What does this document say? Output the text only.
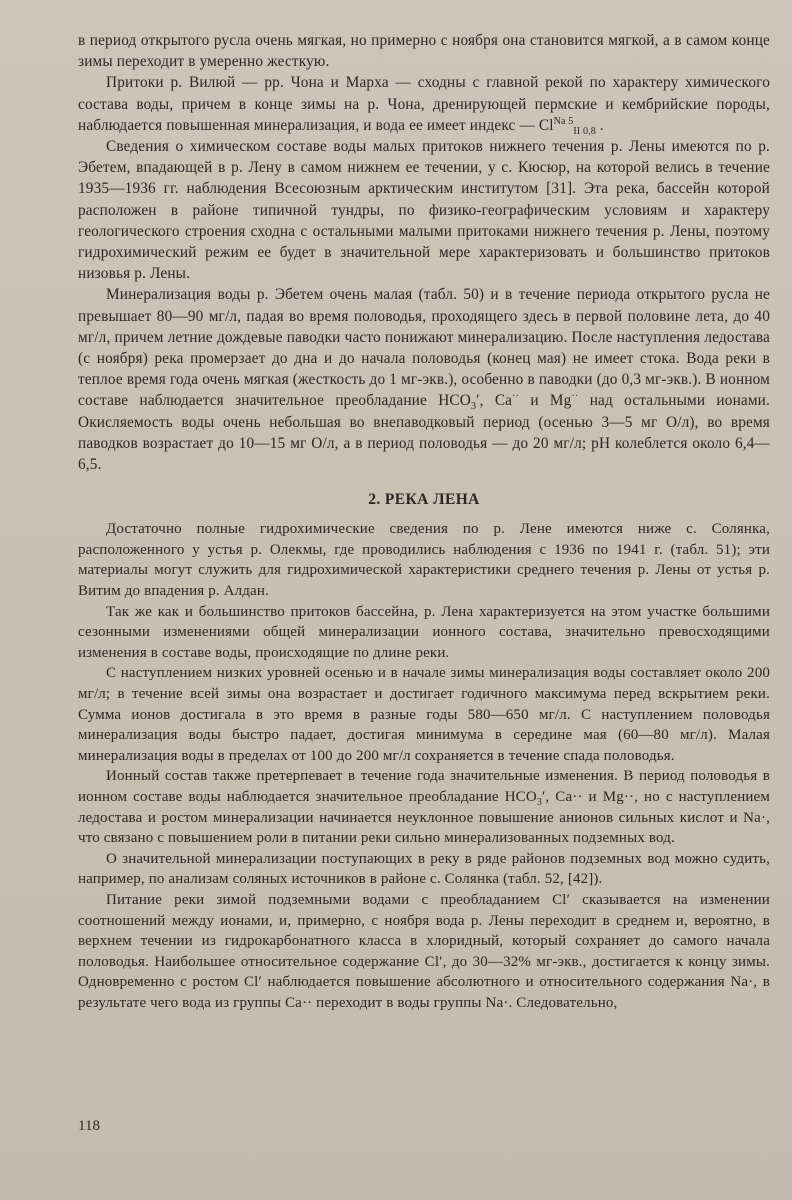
в период открытого русла очень мягкая, но примерно с ноября она становится мягкой, а в самом конце зимы переходит в умеренно жесткую.

Притоки р. Вилюй — рр. Чона и Марха — сходны с главной рекой по характеру химического состава воды, причем в конце зимы на р. Чона, дренирующей пермские и кембрийские породы, наблюдается повышенная минерализация, и вода ее имеет индекс — $Cl^{Na 5}_{II 0,8}$ .

Сведения о химическом составе воды малых притоков нижнего течения р. Лены имеются по р. Эбетем, впадающей в р. Лену в самом нижнем ее течении, у с. Кюсюр, на которой велись в течение 1935—1936 гг. наблюдения Всесоюзным арктическим институтом [31]. Эта река, бассейн которой расположен в районе типичной тундры, по физико-географическим условиям и характеру геологического строения сходна с остальными малыми притоками нижнего течения р. Лены, поэтому гидрохимический режим ее будет в значительной мере характеризовать и большинство притоков низовья р. Лены.

Минерализация воды р. Эбетем очень малая (табл. 50) и в течение периода открытого русла не превышает 80—90 мг/л, падая во время половодья, проходящего здесь в первой половине лета, до 40 мг/л, причем летние дождевые паводки часто понижают минерализацию. После наступления ледостава (с ноября) река промерзает до дна и до начала половодья (конец мая) не имеет стока. Вода реки в теплое время года очень мягкая (жесткость до 1 мг-экв.), особенно в паводки (до 0,3 мг-экв.). В ионном составе наблюдается значительное преобладание $HCO_3'$, Ca·· и Mg·· над остальными ионами. Окисляемость воды очень небольшая во внепаводковый период (осенью 3—5 мг O/л), во время паводков возрастает до 10—15 мг O/л, а в период половодья — до 20 мг/л; pH колеблется около 6,4—6,5.

2. РЕКА ЛЕНА

Достаточно полные гидрохимические сведения по р. Лене имеются ниже с. Солянка, расположенного у устья р. Олекмы, где проводились наблюдения с 1936 по 1941 г. (табл. 51); эти материалы могут служить для гидрохимической характеристики среднего течения р. Лены от устья р. Витим до впадения р. Алдан.

Так же как и большинство притоков бассейна, р. Лена характеризуется на этом участке большими сезонными изменениями общей минерализации ионного состава, значительно превосходящими изменения в составе воды, происходящие по длине реки.

С наступлением низких уровней осенью и в начале зимы минерализация воды составляет около 200 мг/л; в течение всей зимы она возрастает и достигает годичного максимума перед вскрытием реки. Сумма ионов достигала в это время в разные годы 580—650 мг/л. С наступлением половодья минерализация воды быстро падает, достигая минимума в середине мая (60—80 мг/л). Малая минерализация воды в пределах от 100 до 200 мг/л сохраняется в течение спада половодья.

Ионный состав также претерпевает в течение года значительные изменения. В период половодья в ионном составе воды наблюдается значительное преобладание $HCO_3'$, Ca·· и Mg··, но с наступлением ледостава и ростом минерализации начинается неуклонное повышение анионов сильных кислот и Na·, что связано с повышением роли в питании реки сильно минерализованных подземных вод.

О значительной минерализации поступающих в реку в ряде районов подземных вод можно судить, например, по анализам соляных источников в районе с. Солянка (табл. 52, [42]).

Питание реки зимой подземными водами с преобладанием Cl′ сказывается на изменении соотношений между ионами, и, примерно, с ноября вода р. Лены переходит в среднем и, вероятно, в верхнем течении из гидрокарбонатного класса в хлоридный, который сохраняет до самого начала половодья. Наибольшее относительное содержание Cl′, до 30—32% мг-экв., достигается к концу зимы. Одновременно с ростом Cl′ наблюдается повышение абсолютного и относительного содержания Na·, в результате чего вода из группы Ca·· переходит в воды группы Na·. Следовательно,

118
